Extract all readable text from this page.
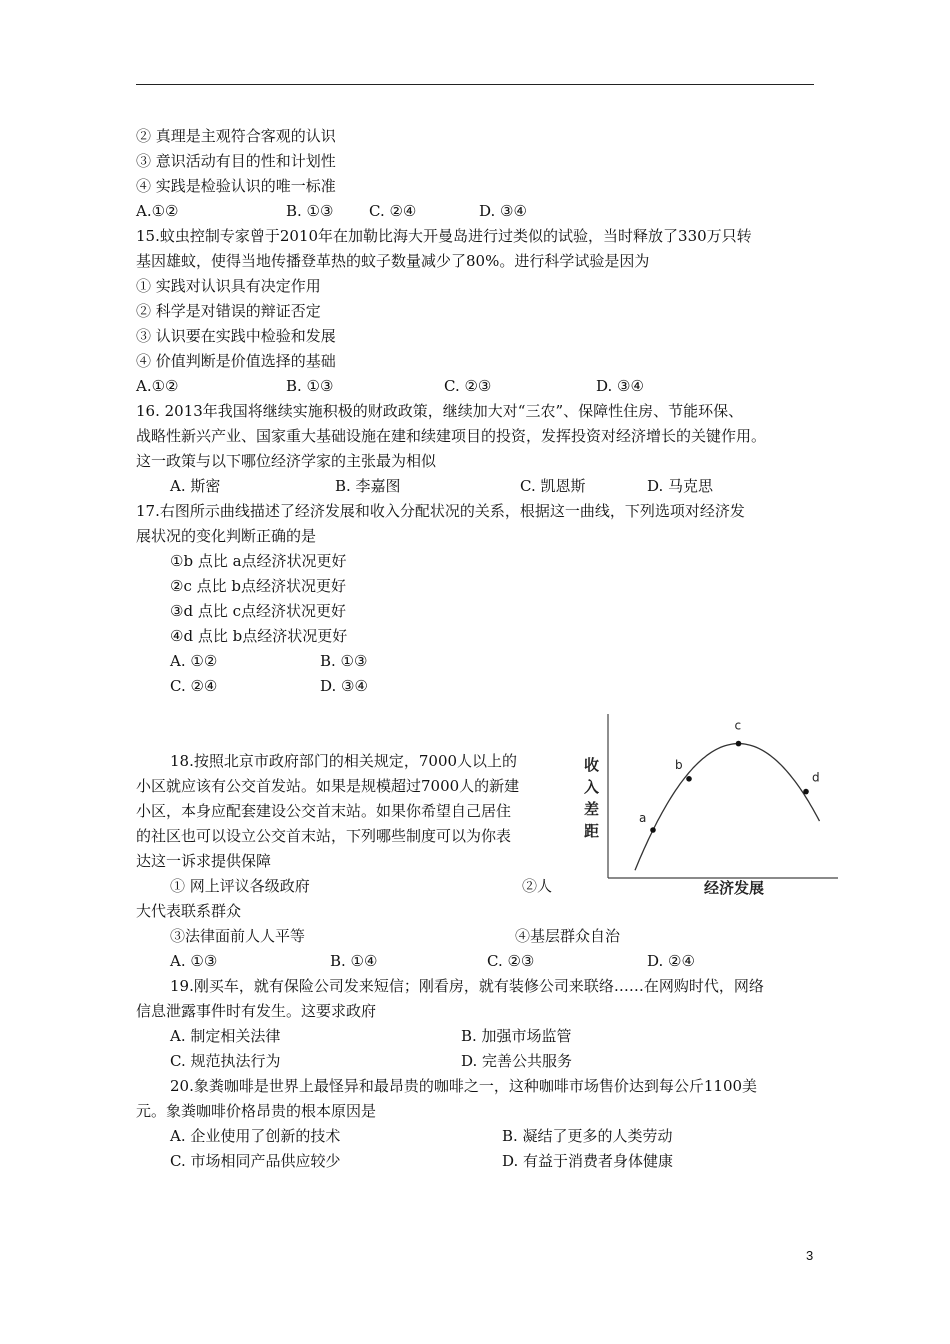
② 真理是主观符合客观的认识
③ 意识活动有目的性和计划性
④ 实践是检验认识的唯一标准
A.①②	B. ①③ C. ②④	D. ③④
15.蚊虫控制专家曾于2010年在加勒比海大开曼岛进行过类似的试验，当时释放了330万只转
基因雄蚊，使得当地传播登革热的蚊子数量减少了80%。进行科学试验是因为
① 实践对认识具有决定作用
② 科学是对错误的辩证否定
③ 认识要在实践中检验和发展
④ 价值判断是价值选择的基础
A.①②	B. ①③	C. ②③	D. ③④
16. 2013年我国将继续实施积极的财政政策，继续加大对“三农”、保障性住房、节能环保、
战略性新兴产业、国家重大基础设施在建和续建项目的投资，发挥投资对经济增长的关键作用。
这一政策与以下哪位经济学家的主张最为相似
A. 斯密	B. 李嘉图	C. 凯恩斯	D. 马克思
17.右图所示曲线描述了经济发展和收入分配状况的关系，根据这一曲线，下列选项对经济发
展状况的变化判断正确的是
①b 点比 a点经济状况更好
②c 点比 b点经济状况更好
③d 点比 c点经济状况更好
④d 点比 b点经济状况更好
A. ①②	B. ①③
C. ②④	D. ③④
18.按照北京市政府部门的相关规定，7000人以上的
小区就应该有公交首发站。如果是规模超过7000人的新建
小区，本身应配套建设公交首末站。如果你希望自己居住
的社区也可以设立公交首末站，下列哪些制度可以为你表
达这一诉求提供保障
① 网上评议各级政府	②人
大代表联系群众
③法律面前人人平等	④基层群众自治
A. ①③	B. ①④	C. ②③	D. ②④
19.刚买车，就有保险公司发来短信；刚看房，就有装修公司来联络……在网购时代，网络
信息泄露事件时有发生。这要求政府
A. 制定相关法律	B. 加强市场监管
C. 规范执法行为	D. 完善公共服务
20.象粪咖啡是世界上最怪异和最昂贵的咖啡之一，这种咖啡市场售价达到每公斤1100美
元。象粪咖啡价格昂贵的根本原因是
A. 企业使用了创新的技术	B. 凝结了更多的人类劳动
C. 市场相同产品供应较少	D. 有益于消费者身体健康
a
b
c
d
收
入
差
距
经济发展
3
